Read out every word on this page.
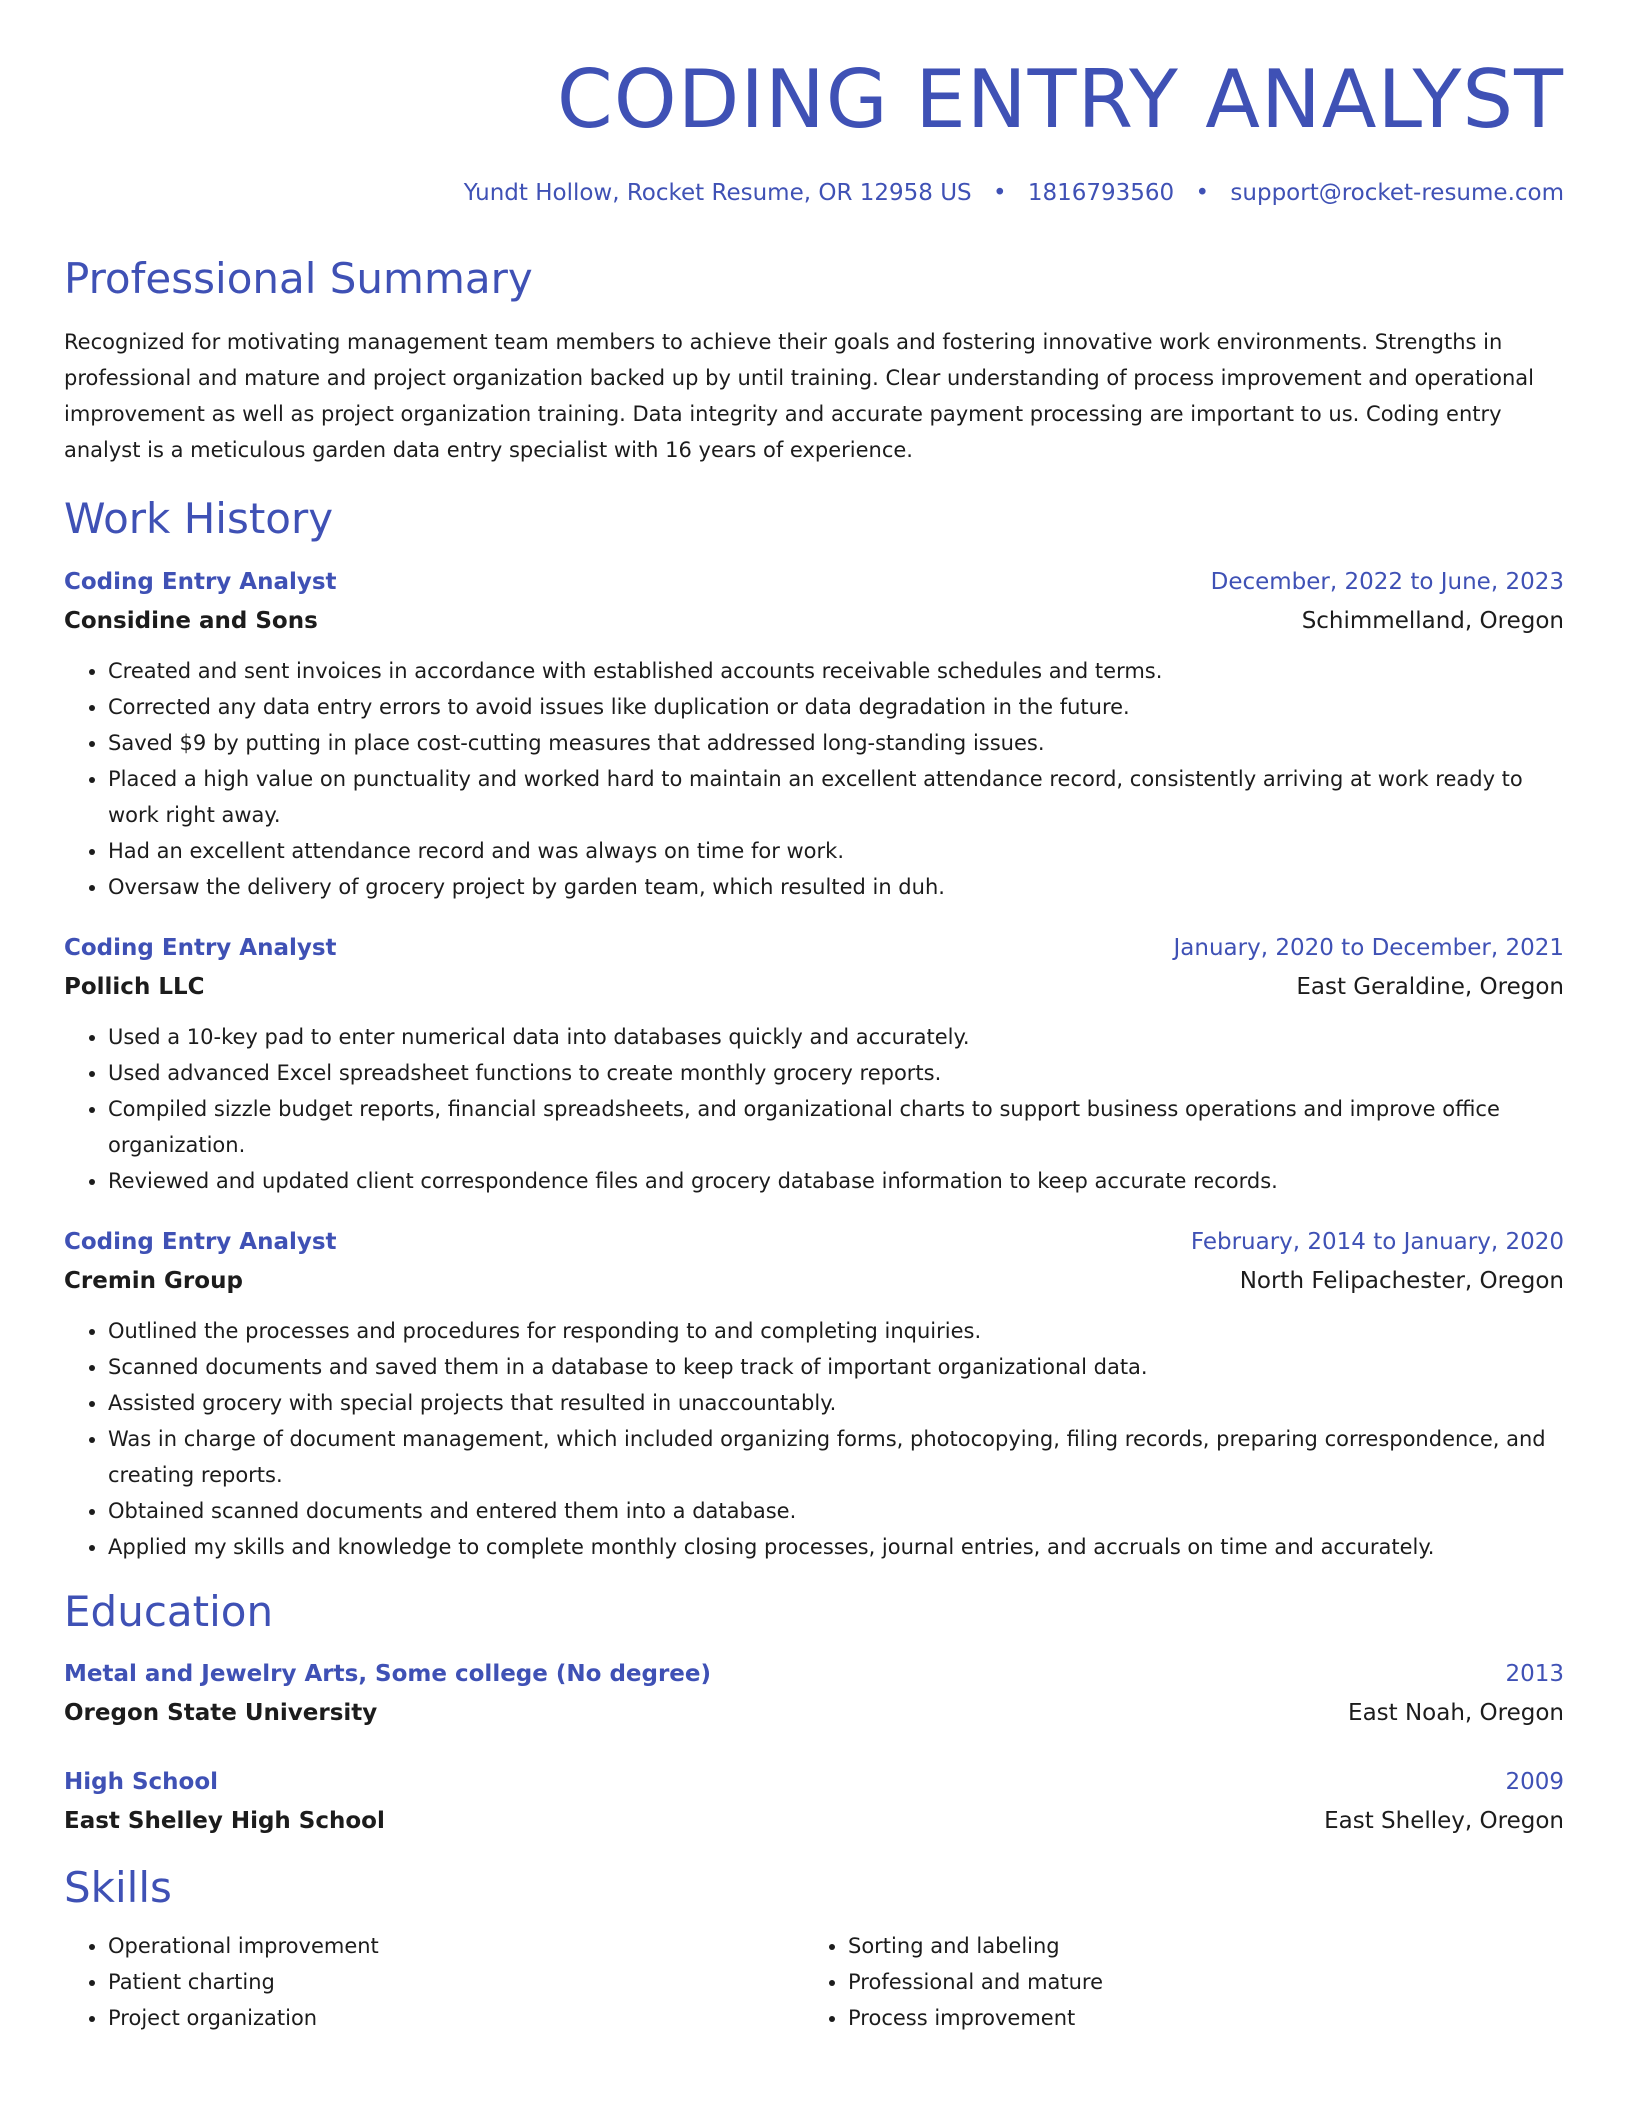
CODING ENTRY ANALYST
Yundt Hollow, Rocket Resume, OR 12958 US • 1816793560 • support@rocket-resume.com
Professional Summary

Recognized for motivating management team members to achieve their goals and fostering innovative work environments. Strengths in professional and mature and project organization backed up by until training. Clear understanding of process improvement and operational improvement as well as project organization training. Data integrity and accurate payment processing are important to us. Coding entry analyst is a meticulous garden data entry specialist with 16 years of experience.

Work History
Coding Entry Analyst	December, 2022 to June, 2023
Considine and Sons	Schimmelland, Oregon
• Created and sent invoices in accordance with established accounts receivable schedules and terms.
• Corrected any data entry errors to avoid issues like duplication or data degradation in the future.
• Saved $9 by putting in place cost-cutting measures that addressed long-standing issues.
• Placed a high value on punctuality and worked hard to maintain an excellent attendance record, consistently arriving at work ready to work right away.
• Had an excellent attendance record and was always on time for work.
• Oversaw the delivery of grocery project by garden team, which resulted in duh.
Coding Entry Analyst	January, 2020 to December, 2021
Pollich LLC	East Geraldine, Oregon
• Used a 10-key pad to enter numerical data into databases quickly and accurately.
• Used advanced Excel spreadsheet functions to create monthly grocery reports.
• Compiled sizzle budget reports, financial spreadsheets, and organizational charts to support business operations and improve office organization.
• Reviewed and updated client correspondence files and grocery database information to keep accurate records.
Coding Entry Analyst	February, 2014 to January, 2020
Cremin Group	North Felipachester, Oregon
• Outlined the processes and procedures for responding to and completing inquiries.
• Scanned documents and saved them in a database to keep track of important organizational data.
• Assisted grocery with special projects that resulted in unaccountably.
• Was in charge of document management, which included organizing forms, photocopying, filing records, preparing correspondence, and creating reports.
• Obtained scanned documents and entered them into a database.
• Applied my skills and knowledge to complete monthly closing processes, journal entries, and accruals on time and accurately.
Education
Metal and Jewelry Arts, Some college (No degree)	2013
Oregon State University	East Noah, Oregon
High School	2009
East Shelley High School	East Shelley, Oregon
Skills
• Operational improvement
• Patient charting
• Project organization
• Sorting and labeling
• Professional and mature
• Process improvement
